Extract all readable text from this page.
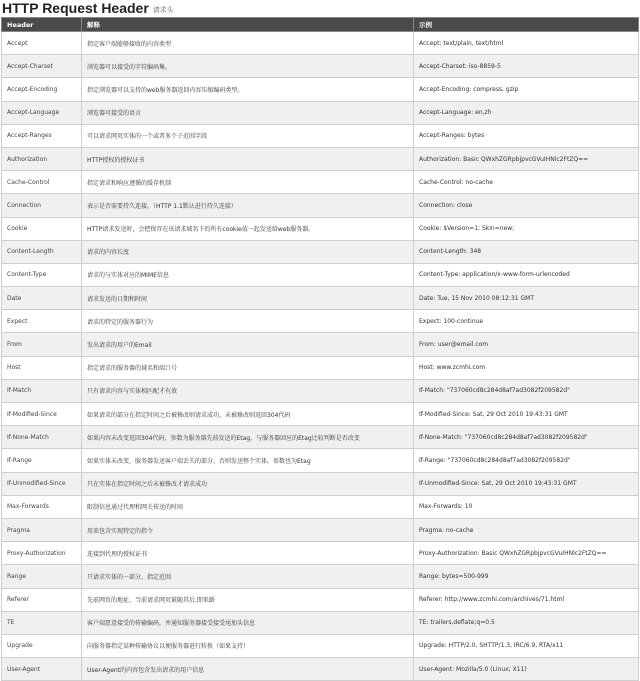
HTTP Request Header 请求头
Header	解释	示例
Accept	指定客户端能够接收的内容类型	Accept: text/plain, text/html
Accept-Charset	浏览器可以接受的字符编码集。	Accept-Charset: iso-8859-5
Accept-Encoding	指定浏览器可以支持的web服务器返回内容压缩编码类型。	Accept-Encoding: compress, gzip
Accept-Language	浏览器可接受的语言	Accept-Language: en,zh
Accept-Ranges	可以请求网页实体的一个或者多个子范围字段	Accept-Ranges: bytes
Authorization	HTTP授权的授权证书	Authorization: Basic QWxhZGRpbjpvcGVuIHNlc2FtZQ==
Cache-Control	指定请求和响应遵循的缓存机制	Cache-Control: no-cache
Connection	表示是否需要持久连接。（HTTP 1.1默认进行持久连接）	Connection: close
Cookie	HTTP请求发送时，会把保存在该请求域名下的所有cookie值一起发送给web服务器。	Cookie: $Version=1; Skin=new;
Content-Length	请求的内容长度	Content-Length: 348
Content-Type	请求的与实体对应的MIME信息	Content-Type: application/x-www-form-urlencoded
Date	请求发送的日期和时间	Date: Tue, 15 Nov 2010 08:12:31 GMT
Expect	请求的特定的服务器行为	Expect: 100-continue
From	发出请求的用户的Email	From: user@email.com
Host	指定请求的服务器的域名和端口号	Host: www.zcmhi.com
If-Match	只有请求内容与实体相匹配才有效	If-Match: "737060cd8c284d8af7ad3082f209582d"
If-Modified-Since	如果请求的部分在指定时间之后被修改则请求成功，未被修改则返回304代码	If-Modified-Since: Sat, 29 Oct 2010 19:43:31 GMT
If-None-Match	如果内容未改变返回304代码，参数为服务器先前发送的Etag，与服务器回应的Etag比较判断是否改变	If-None-Match: "737060cd8c284d8af7ad3082f209582d"
If-Range	如果实体未改变，服务器发送客户端丢失的部分，否则发送整个实体。参数也为Etag	If-Range: "737060cd8c284d8af7ad3082f209582d"
If-Unmodified-Since	只在实体在指定时间之后未被修改才请求成功	If-Unmodified-Since: Sat, 29 Oct 2010 19:43:31 GMT
Max-Forwards	限制信息通过代理和网关传送的时间	Max-Forwards: 10
Pragma	用来包含实现特定的指令	Pragma: no-cache
Proxy-Authorization	连接到代理的授权证书	Proxy-Authorization: Basic QWxhZGRpbjpvcGVuIHNlc2FtZQ==
Range	只请求实体的一部分，指定范围	Range: bytes=500-999
Referer	先前网页的地址，当前请求网页紧随其后,即来路	Referer: http://www.zcmhi.com/archives/71.html
TE	客户端愿意接受的传输编码，并通知服务器接受接受尾加头信息	TE: trailers,deflate;q=0.5
Upgrade	向服务器指定某种传输协议以便服务器进行转换（如果支持）	Upgrade: HTTP/2.0, SHTTP/1.3, IRC/6.9, RTA/x11
User-Agent	User-Agent的内容包含发出请求的用户信息	User-Agent: Mozilla/5.0 (Linux; X11)
